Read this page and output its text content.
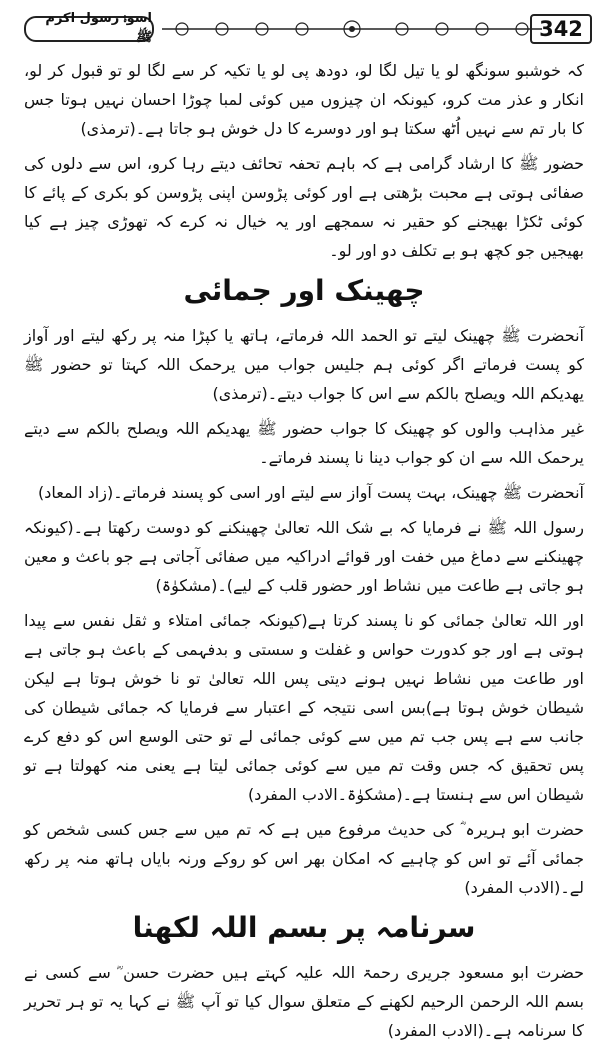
اسوۂ رسول اکرم ﷺ	342

کہ خوشبو سونگھ لو یا تیل لگا لو، دودھ پی لو یا تکیہ کر سے لگا لو تو قبول کر لو، انکار و عذر مت کرو، کیونکہ ان چیزوں میں کوئی لمبا چوڑا احسان نہیں ہوتا جس کا بار تم سے نہیں اُٹھ سکتا ہو اور دوسرے کا دل خوش ہو جاتا ہے۔(ترمذی)

حضور ﷺ کا ارشاد گرامی ہے کہ باہم تحفہ تحائف دیتے رہا کرو، اس سے دلوں کی صفائی ہوتی ہے محبت بڑھتی ہے اور کوئی پڑوسن اپنی پڑوسن کو بکری کے پائے کا کوئی ٹکڑا بھیجنے کو حقیر نہ سمجھے اور یہ خیال نہ کرے کہ تھوڑی چیز ہے کیا بھیجیں جو کچھ ہو بے تکلف دو اور لو۔

چھینک اور جمائی

آنحضرت ﷺ چھینک لیتے تو الحمد اللہ فرماتے، ہاتھ یا کپڑا منہ پر رکھ لیتے اور آواز کو پست فرماتے اگر کوئی ہم جلیس جواب میں یرحمک اللہ کہتا تو حضور ﷺ یھدیکم اللہ ویصلح بالکم سے اس کا جواب دیتے۔(ترمذی)

غیر مذاہب والوں کو چھینک کا جواب حضور ﷺ یھدیکم اللہ ویصلح بالکم سے دیتے یرحمک اللہ سے ان کو جواب دینا نا پسند فرماتے۔

آنحضرت ﷺ چھینک، بہت پست آواز سے لیتے اور اسی کو پسند فرماتے۔(زاد المعاد)

رسول اللہ ﷺ نے فرمایا کہ بے شک اللہ تعالیٰ چھینکنے کو دوست رکھتا ہے۔(کیونکہ چھینکنے سے دماغ میں خفت اور قوائے ادراکیہ میں صفائی آجاتی ہے جو باعث و معین ہو جاتی ہے طاعت میں نشاط اور حضور قلب کے لیے)۔(مشکوٰۃ)

اور اللہ تعالیٰ جمائی کو نا پسند کرتا ہے(کیونکہ جمائی امتلاء و ثقل نفس سے پیدا ہوتی ہے اور جو کدورت حواس و غفلت و سستی و بدفہمی کے باعث ہو جاتی ہے اور طاعت میں نشاط نہیں ہونے دیتی پس اللہ تعالیٰ تو نا خوش ہوتا ہے لیکن شیطان خوش ہوتا ہے)بس اسی نتیجہ کے اعتبار سے فرمایا کہ جمائی شیطان کی جانب سے ہے پس جب تم میں سے کوئی جمائی لے تو حتی الوسع اس کو دفع کرے پس تحقیق کہ جس وقت تم میں سے کوئی جمائی لیتا ہے یعنی منہ کھولتا ہے تو شیطان اس سے ہنستا ہے۔(مشکوٰۃ۔الادب المفرد)

حضرت ابو ہریرہ ؓ کی حدیث مرفوع میں ہے کہ تم میں سے جس کسی شخص کو جمائی آئے تو اس کو چاہیے کہ امکان بھر اس کو روکے ورنہ بایاں ہاتھ منہ پر رکھ لے۔(الادب المفرد)

سرنامہ پر بسم اللہ لکھنا

حضرت ابو مسعود جریری رحمۃ اللہ علیہ کہتے ہیں حضرت حسن ؓ سے کسی نے بسم اللہ الرحمن الرحیم لکھنے کے متعلق سوال کیا تو آپ ﷺ نے کہا یہ تو ہر تحریر کا سرنامہ ہے۔(الادب المفرد)
